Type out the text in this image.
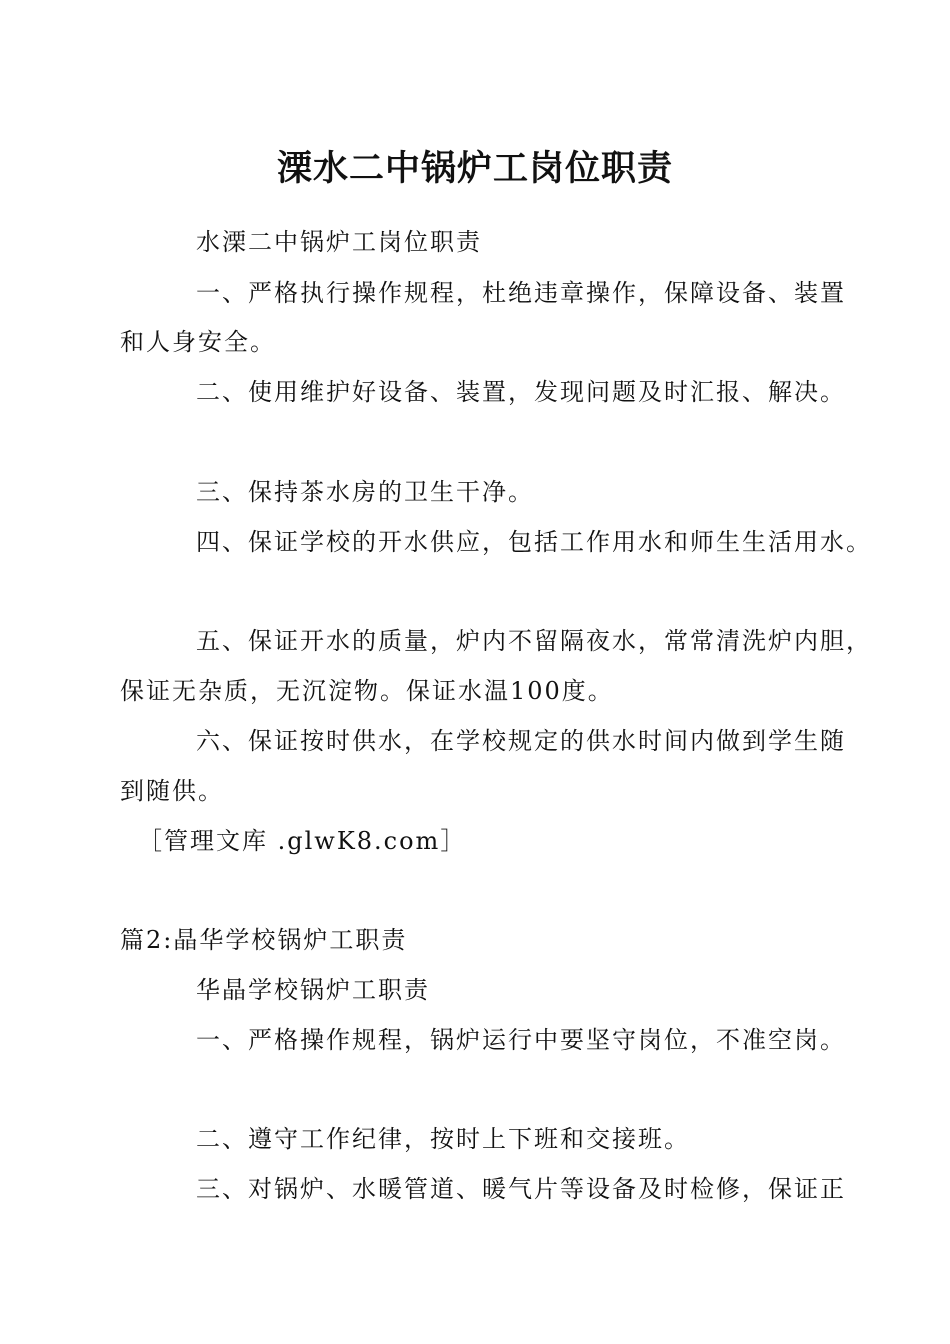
溧水二中锅炉工岗位职责
水溧二中锅炉工岗位职责
一、严格执行操作规程，杜绝违章操作，保障设备、装置
和人身安全。
二、使用维护好设备、装置，发现问题及时汇报、解决。
三、保持茶水房的卫生干净。
四、保证学校的开水供应，包括工作用水和师生生活用水。
五、保证开水的质量，炉内不留隔夜水，常常清洗炉内胆，
保证无杂质，无沉淀物。保证水温100度。
六、保证按时供水，在学校规定的供水时间内做到学生随
到随供。
［管理文库 .glwK8.com］
篇2:晶华学校锅炉工职责
华晶学校锅炉工职责
一、严格操作规程，锅炉运行中要坚守岗位，不准空岗。
二、遵守工作纪律，按时上下班和交接班。
三、对锅炉、水暖管道、暖气片等设备及时检修，保证正
